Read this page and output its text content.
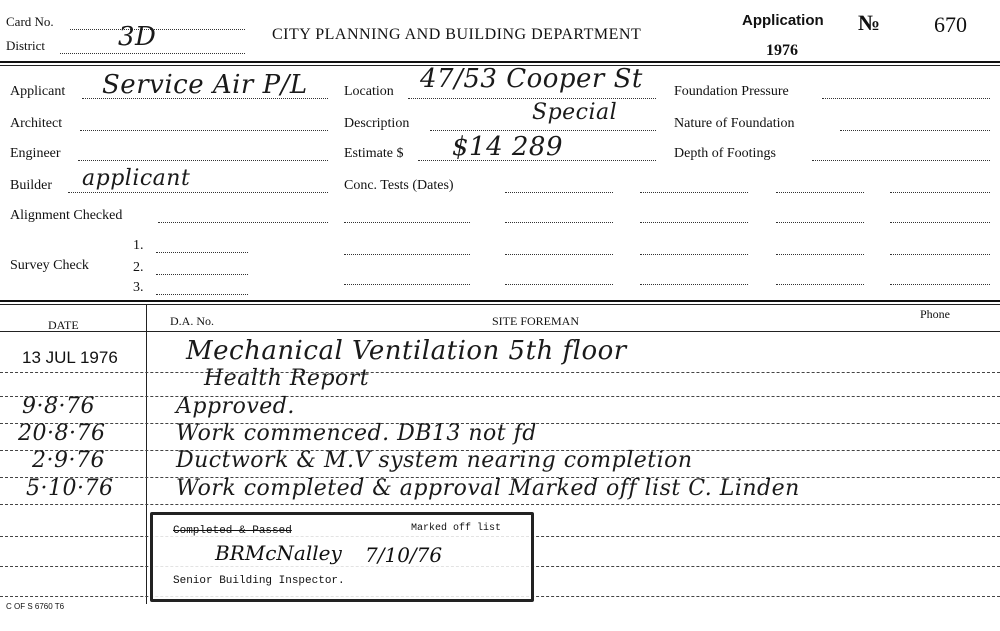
Card No.
District	3D	CITY PLANNING AND BUILDING DEPARTMENT
Application
1976
№ 670
Applicant Service Air P/L
Architect
Engineer
Builder applicant
Alignment Checked
Survey Check
1.
2.
3.
Location 47/53 Cooper St
Description	Special
Estimate $ $14 289
Conc. Tests (Dates)
Foundation Pressure
Nature of Foundation
Depth of Footings
DATE	D.A. No.	SITE FOREMAN	Phone
13 JUL 1976	Mechanical Ventilation 5th floor
Health Report
9·8·76	Approved.
20·8·76	Work commenced. DB13 not fd
2·9·76	Ductwork & M.V system nearing completion
5·10·76	Work completed & approval Marked off list C. Linden
Completed & Passed	Marked off list
BRMcNalley 7/10/76
Senior Building Inspector.
C OF S 6760 T6
